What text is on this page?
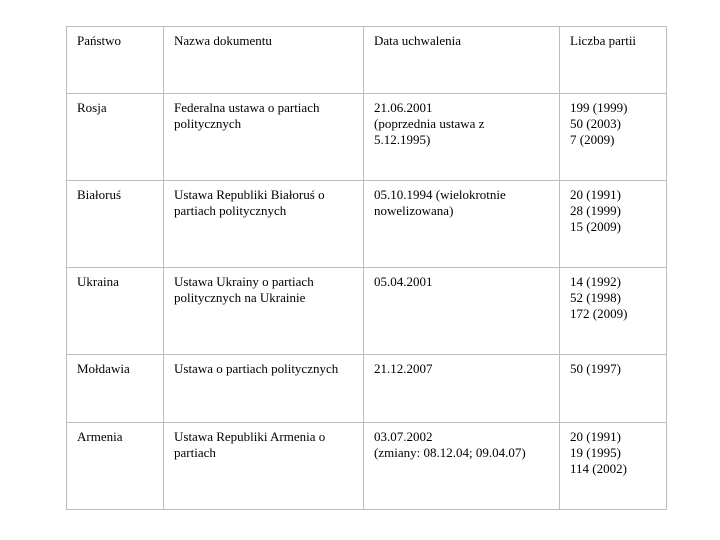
Państwo	Nazwa dokumentu	Data uchwalenia	Liczba partii

Rosja	Federalna ustawa o partiach
politycznych	21.06.2001
(poprzednia ustawa z
5.12.1995)	199 (1999)
50 (2003)
7 (2009)

Białoruś	Ustawa Republiki Białoruś o
partiach politycznych	05.10.1994 (wielokrotnie
nowelizowana)	20 (1991)
28 (1999)
15 (2009)

Ukraina	Ustawa Ukrainy o partiach
politycznych na Ukrainie	05.04.2001	14 (1992)
52 (1998)
172 (2009)

Mołdawia	Ustawa o partiach politycznych	21.12.2007	50 (1997)

Armenia	Ustawa Republiki Armenia o
partiach	03.07.2002
(zmiany: 08.12.04; 09.04.07)	20 (1991)
19 (1995)
114 (2002)
